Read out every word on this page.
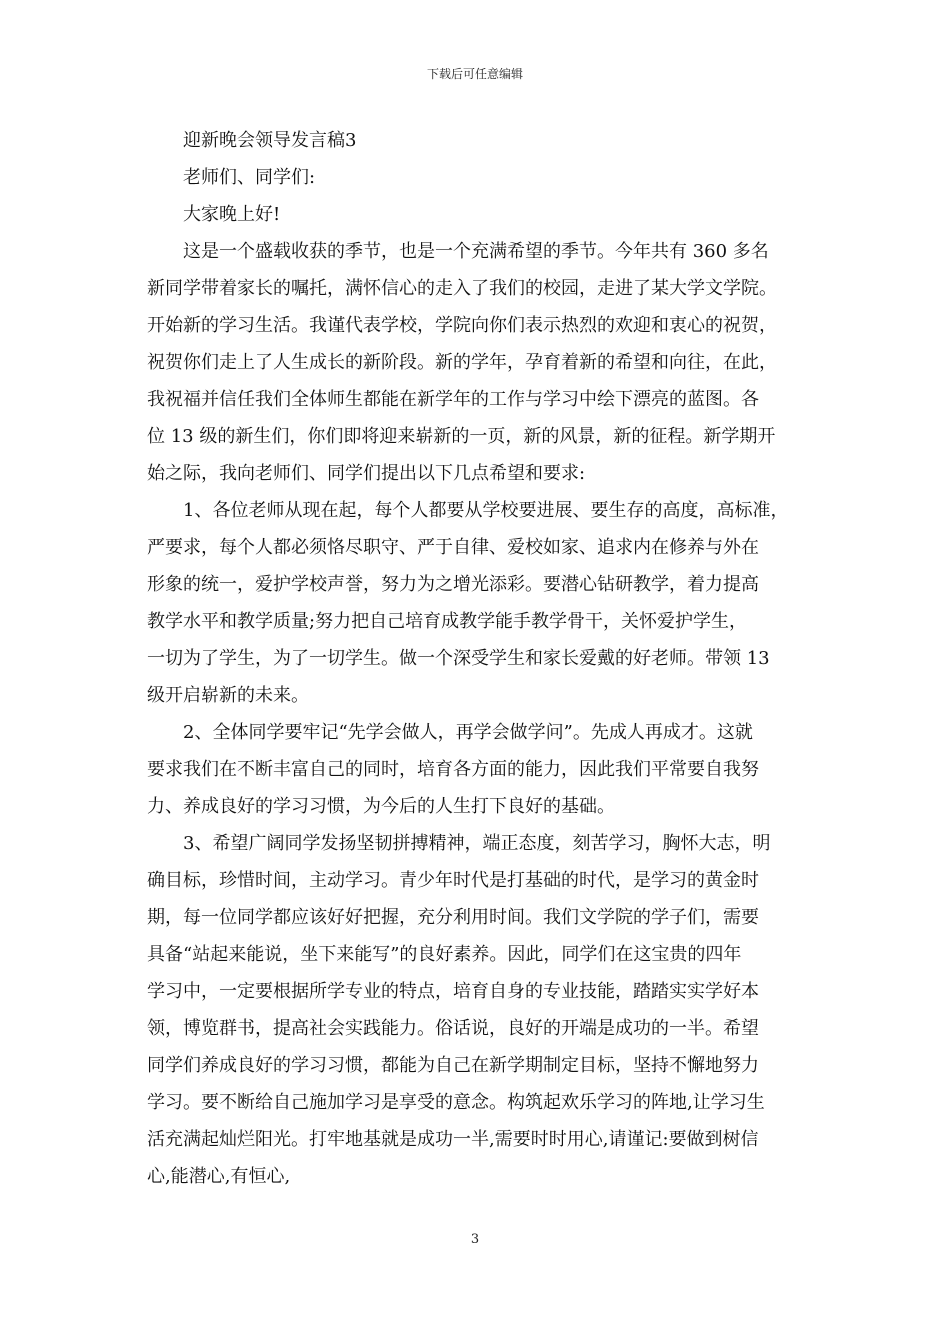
下载后可任意编辑
迎新晚会领导发言稿3
老师们、同学们:
大家晚上好!
这是一个盛载收获的季节，也是一个充满希望的季节。今年共有 360 多名
新同学带着家长的嘱托，满怀信心的走入了我们的校园，走进了某大学文学院。
开始新的学习生活。我谨代表学校，学院向你们表示热烈的欢迎和衷心的祝贺，
祝贺你们走上了人生成长的新阶段。新的学年，孕育着新的希望和向往，在此，
我祝福并信任我们全体师生都能在新学年的工作与学习中绘下漂亮的蓝图。各
位 13 级的新生们，你们即将迎来崭新的一页，新的风景，新的征程。新学期开
始之际，我向老师们、同学们提出以下几点希望和要求:
1、各位老师从现在起，每个人都要从学校要进展、要生存的高度，高标准，
严要求，每个人都必须恪尽职守、严于自律、爱校如家、追求内在修养与外在
形象的统一，爱护学校声誉，努力为之增光添彩。要潜心钻研教学，着力提高
教学水平和教学质量;努力把自己培育成教学能手教学骨干，关怀爱护学生，
一切为了学生，为了一切学生。做一个深受学生和家长爱戴的好老师。带领 13
级开启崭新的未来。
2、全体同学要牢记“先学会做人，再学会做学问”。先成人再成才。这就
要求我们在不断丰富自己的同时，培育各方面的能力，因此我们平常要自我努
力、养成良好的学习习惯，为今后的人生打下良好的基础。
3、希望广阔同学发扬坚韧拼搏精神，端正态度，刻苦学习，胸怀大志，明
确目标，珍惜时间，主动学习。青少年时代是打基础的时代，是学习的黄金时
期，每一位同学都应该好好把握，充分利用时间。我们文学院的学子们，需要
具备“站起来能说，坐下来能写”的良好素养。因此，同学们在这宝贵的四年
学习中，一定要根据所学专业的特点，培育自身的专业技能，踏踏实实学好本
领，博览群书，提高社会实践能力。俗话说，良好的开端是成功的一半。希望
同学们养成良好的学习习惯，都能为自己在新学期制定目标，坚持不懈地努力
学习。要不断给自己施加学习是享受的意念。构筑起欢乐学习的阵地,让学习生
活充满起灿烂阳光。打牢地基就是成功一半,需要时时用心,请谨记:要做到树信
心,能潜心,有恒心,
3
